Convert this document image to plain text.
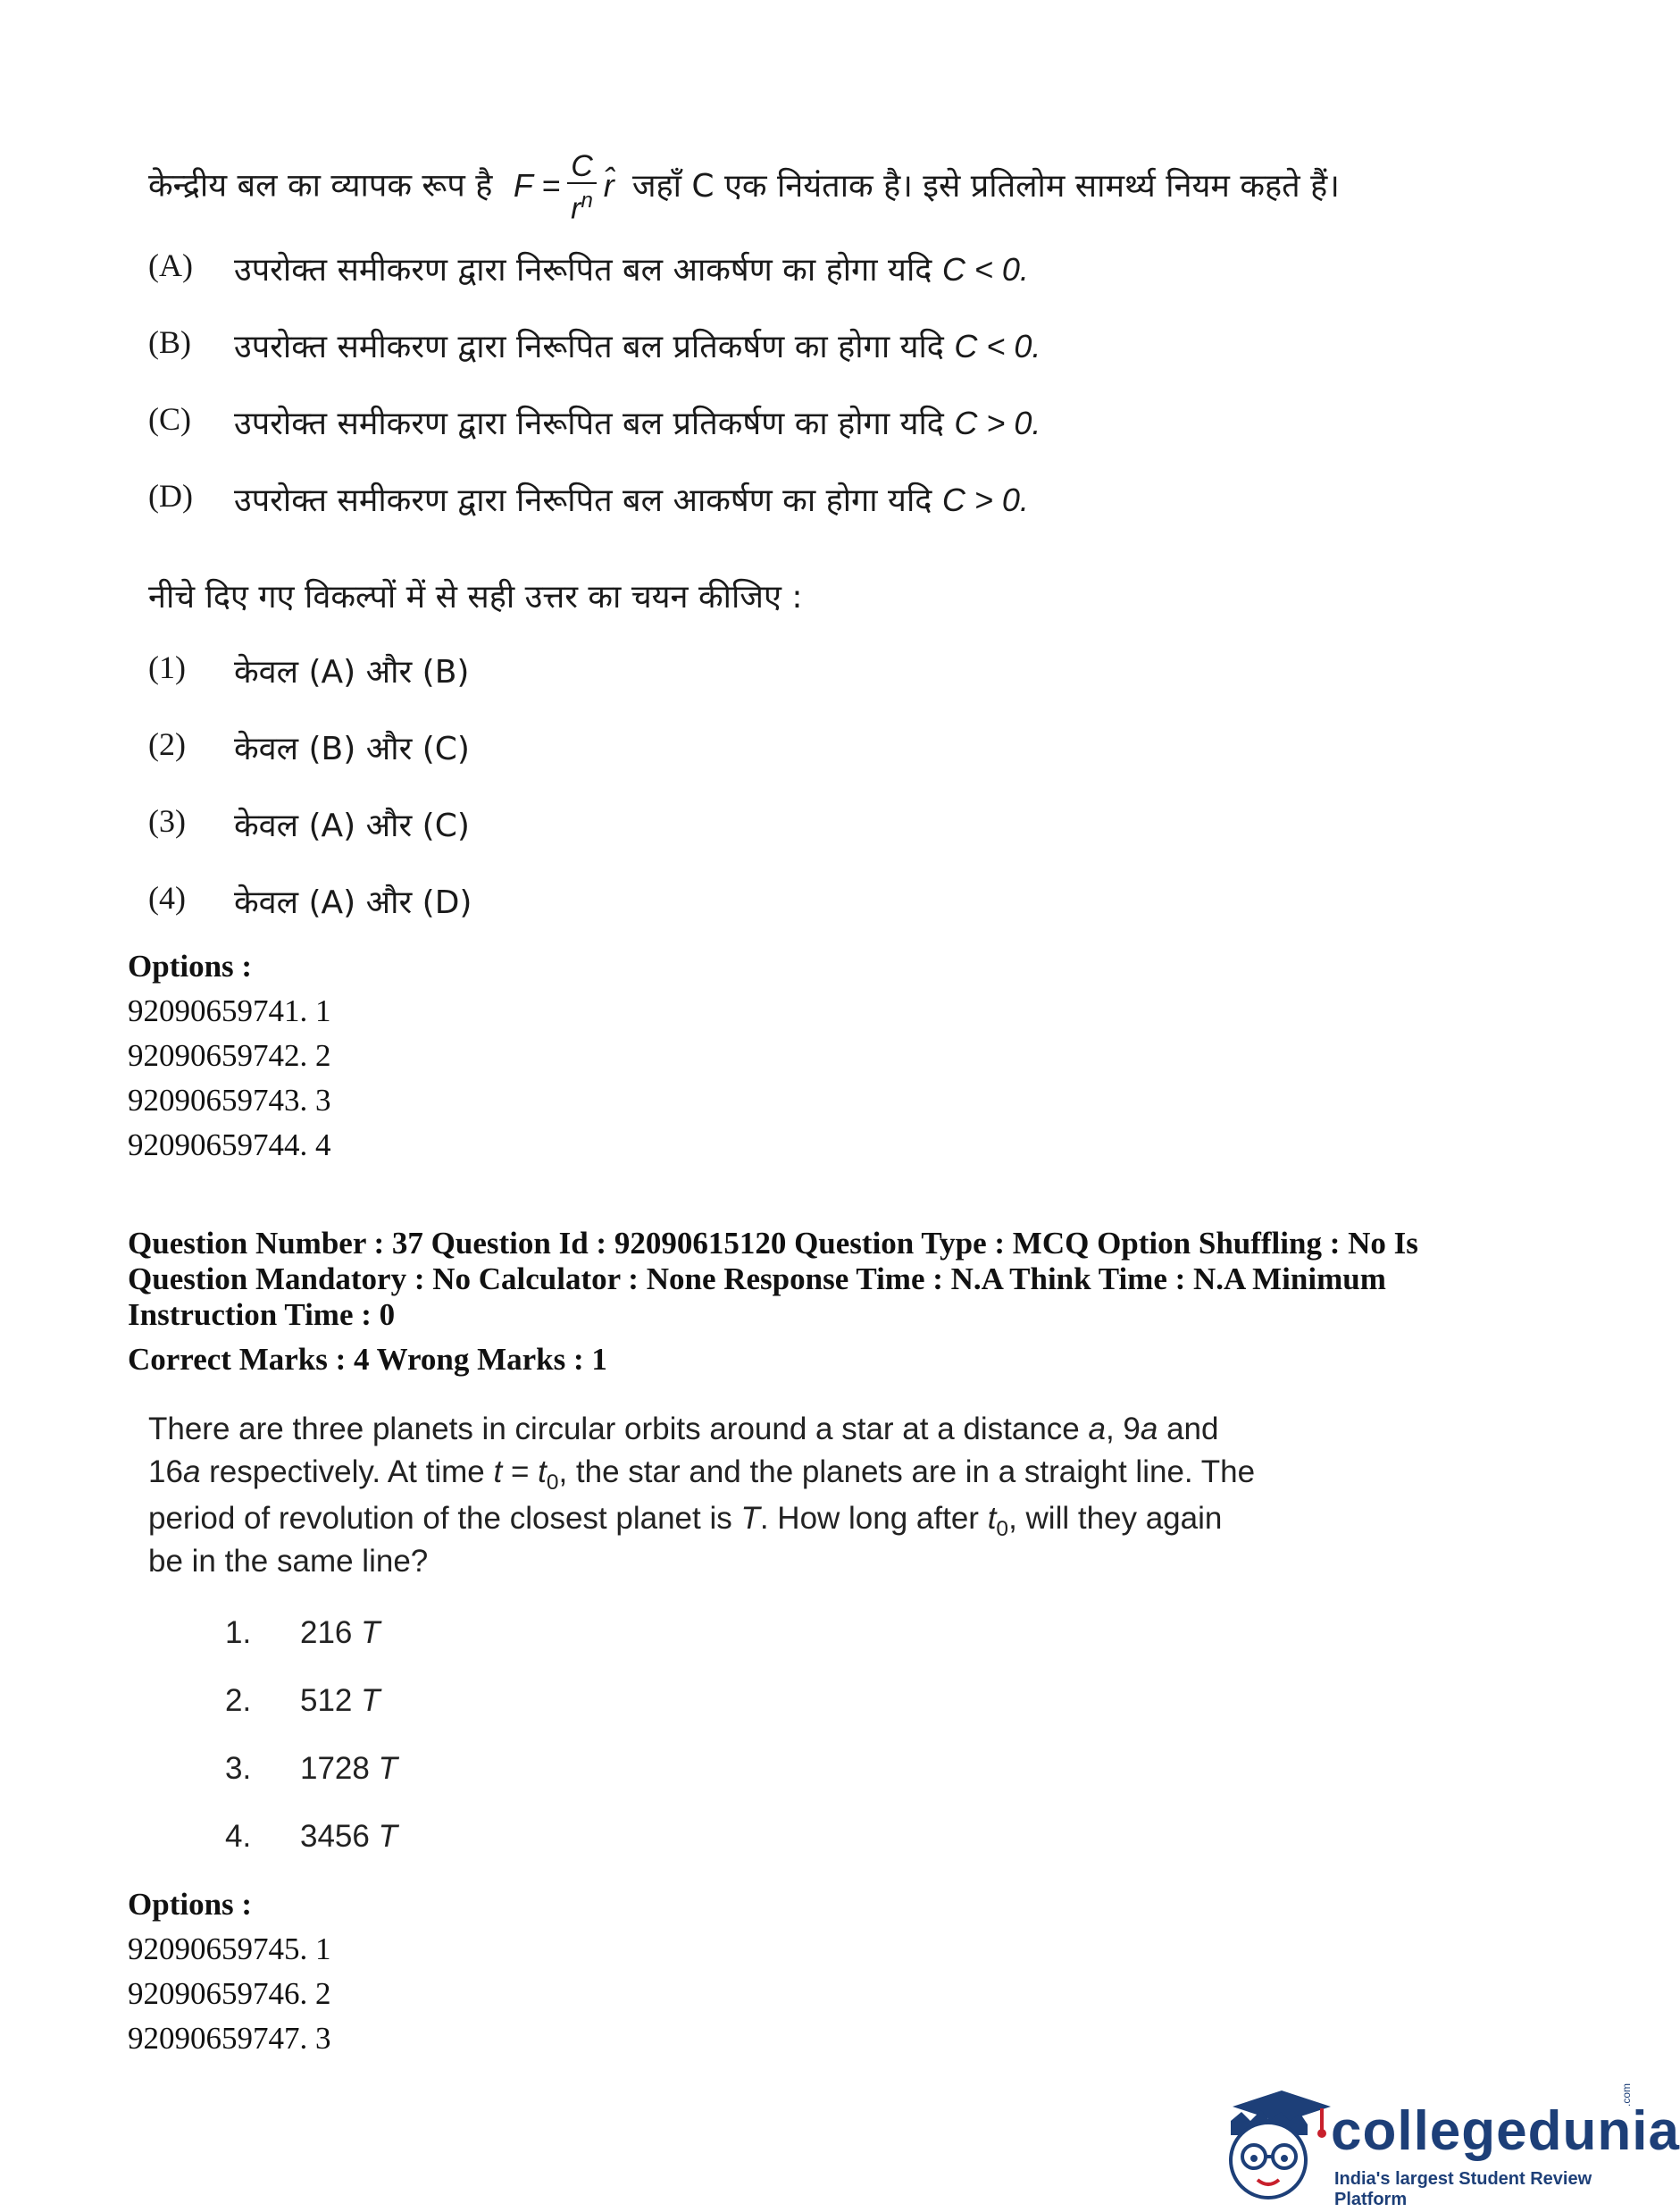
केन्द्रीय बल का व्यापक रूप है $F = \frac{C}{r^n}$ r̂ जहाँ C एक नियंताक है। इसे प्रतिलोम सामर्थ्य नियम कहते हैं।
(A) उपरोक्त समीकरण द्वारा निरूपित बल आकर्षण का होगा यदि C < 0.
(B) उपरोक्त समीकरण द्वारा निरूपित बल प्रतिकर्षण का होगा यदि C < 0.
(C) उपरोक्त समीकरण द्वारा निरूपित बल प्रतिकर्षण का होगा यदि C > 0.
(D) उपरोक्त समीकरण द्वारा निरूपित बल आकर्षण का होगा यदि C > 0.
नीचे दिए गए विकल्पों में से सही उत्तर का चयन कीजिए :
(1) केवल (A) और (B)
(2) केवल (B) और (C)
(3) केवल (A) और (C)
(4) केवल (A) और (D)
Options :
92090659741. 1
92090659742. 2
92090659743. 3
92090659744. 4
Question Number : 37 Question Id : 92090615120 Question Type : MCQ Option Shuffling : No Is
Question Mandatory : No Calculator : None Response Time : N.A Think Time : N.A Minimum
Instruction Time : 0
Correct Marks : 4 Wrong Marks : 1
There are three planets in circular orbits around a star at a distance a, 9a and
16a respectively. At time $t = t_0$, the star and the planets are in a straight line. The
period of revolution of the closest planet is T. How long after $t_0$, will they again
be in the same line?
1. 216 T
2. 512 T
3. 1728 T
4. 3456 T
Options :
92090659745. 1
92090659746. 2
92090659747. 3
collegedunia
.com
India's largest Student Review Platform
